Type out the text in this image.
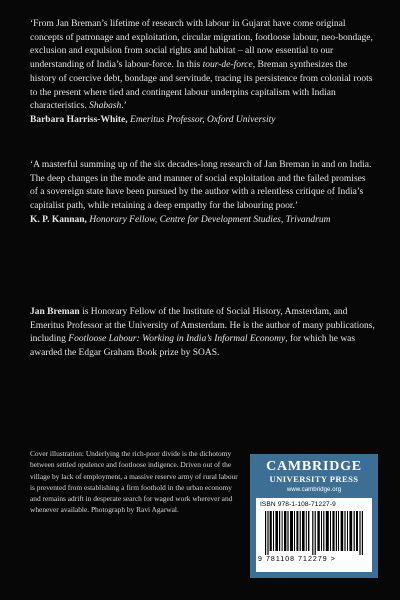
‘From Jan Breman’s lifetime of research with labour in Gujarat have come original concepts of patronage and exploitation, circular migration, footloose labour, neo-bondage, exclusion and expulsion from social rights and habitat – all now essential to our understanding of India’s labour-force. In this tour-de-force, Breman synthesizes the history of coercive debt, bondage and servitude, tracing its persistence from colonial roots to the present where tied and contingent labour underpins capitalism with Indian characteristics. Shabash.’

Barbara Harriss-White, Emeritus Professor, Oxford University

‘A masterful summing up of the six decades-long research of Jan Breman in and on India. The deep changes in the mode and manner of social exploitation and the failed promises of a sovereign state have been pursued by the author with a relentless critique of India’s capitalist path, while retaining a deep empathy for the labouring poor.’

K. P. Kannan, Honorary Fellow, Centre for Development Studies, Trivandrum

Jan Breman is Honorary Fellow of the Institute of Social History, Amsterdam, and Emeritus Professor at the University of Amsterdam. He is the author of many publications, including Footloose Labour: Working in India’s Informal Economy, for which he was awarded the Edgar Graham Book prize by SOAS.

Cover illustration: Underlying the rich-poor divide is the dichotomy between settled opulence and footloose indigence. Driven out of the village by lack of employment, a massive reserve army of rural labour is prevented from establishing a firm foothold in the urban economy and remains adrift in desperate search for waged work wherever and whenever available. Photograph by Ravi Agarwal.

CAMBRIDGE
UNIVERSITY PRESS
www.cambridge.org
ISBN 978-1-108-71227-9
9 781108 712279 >
